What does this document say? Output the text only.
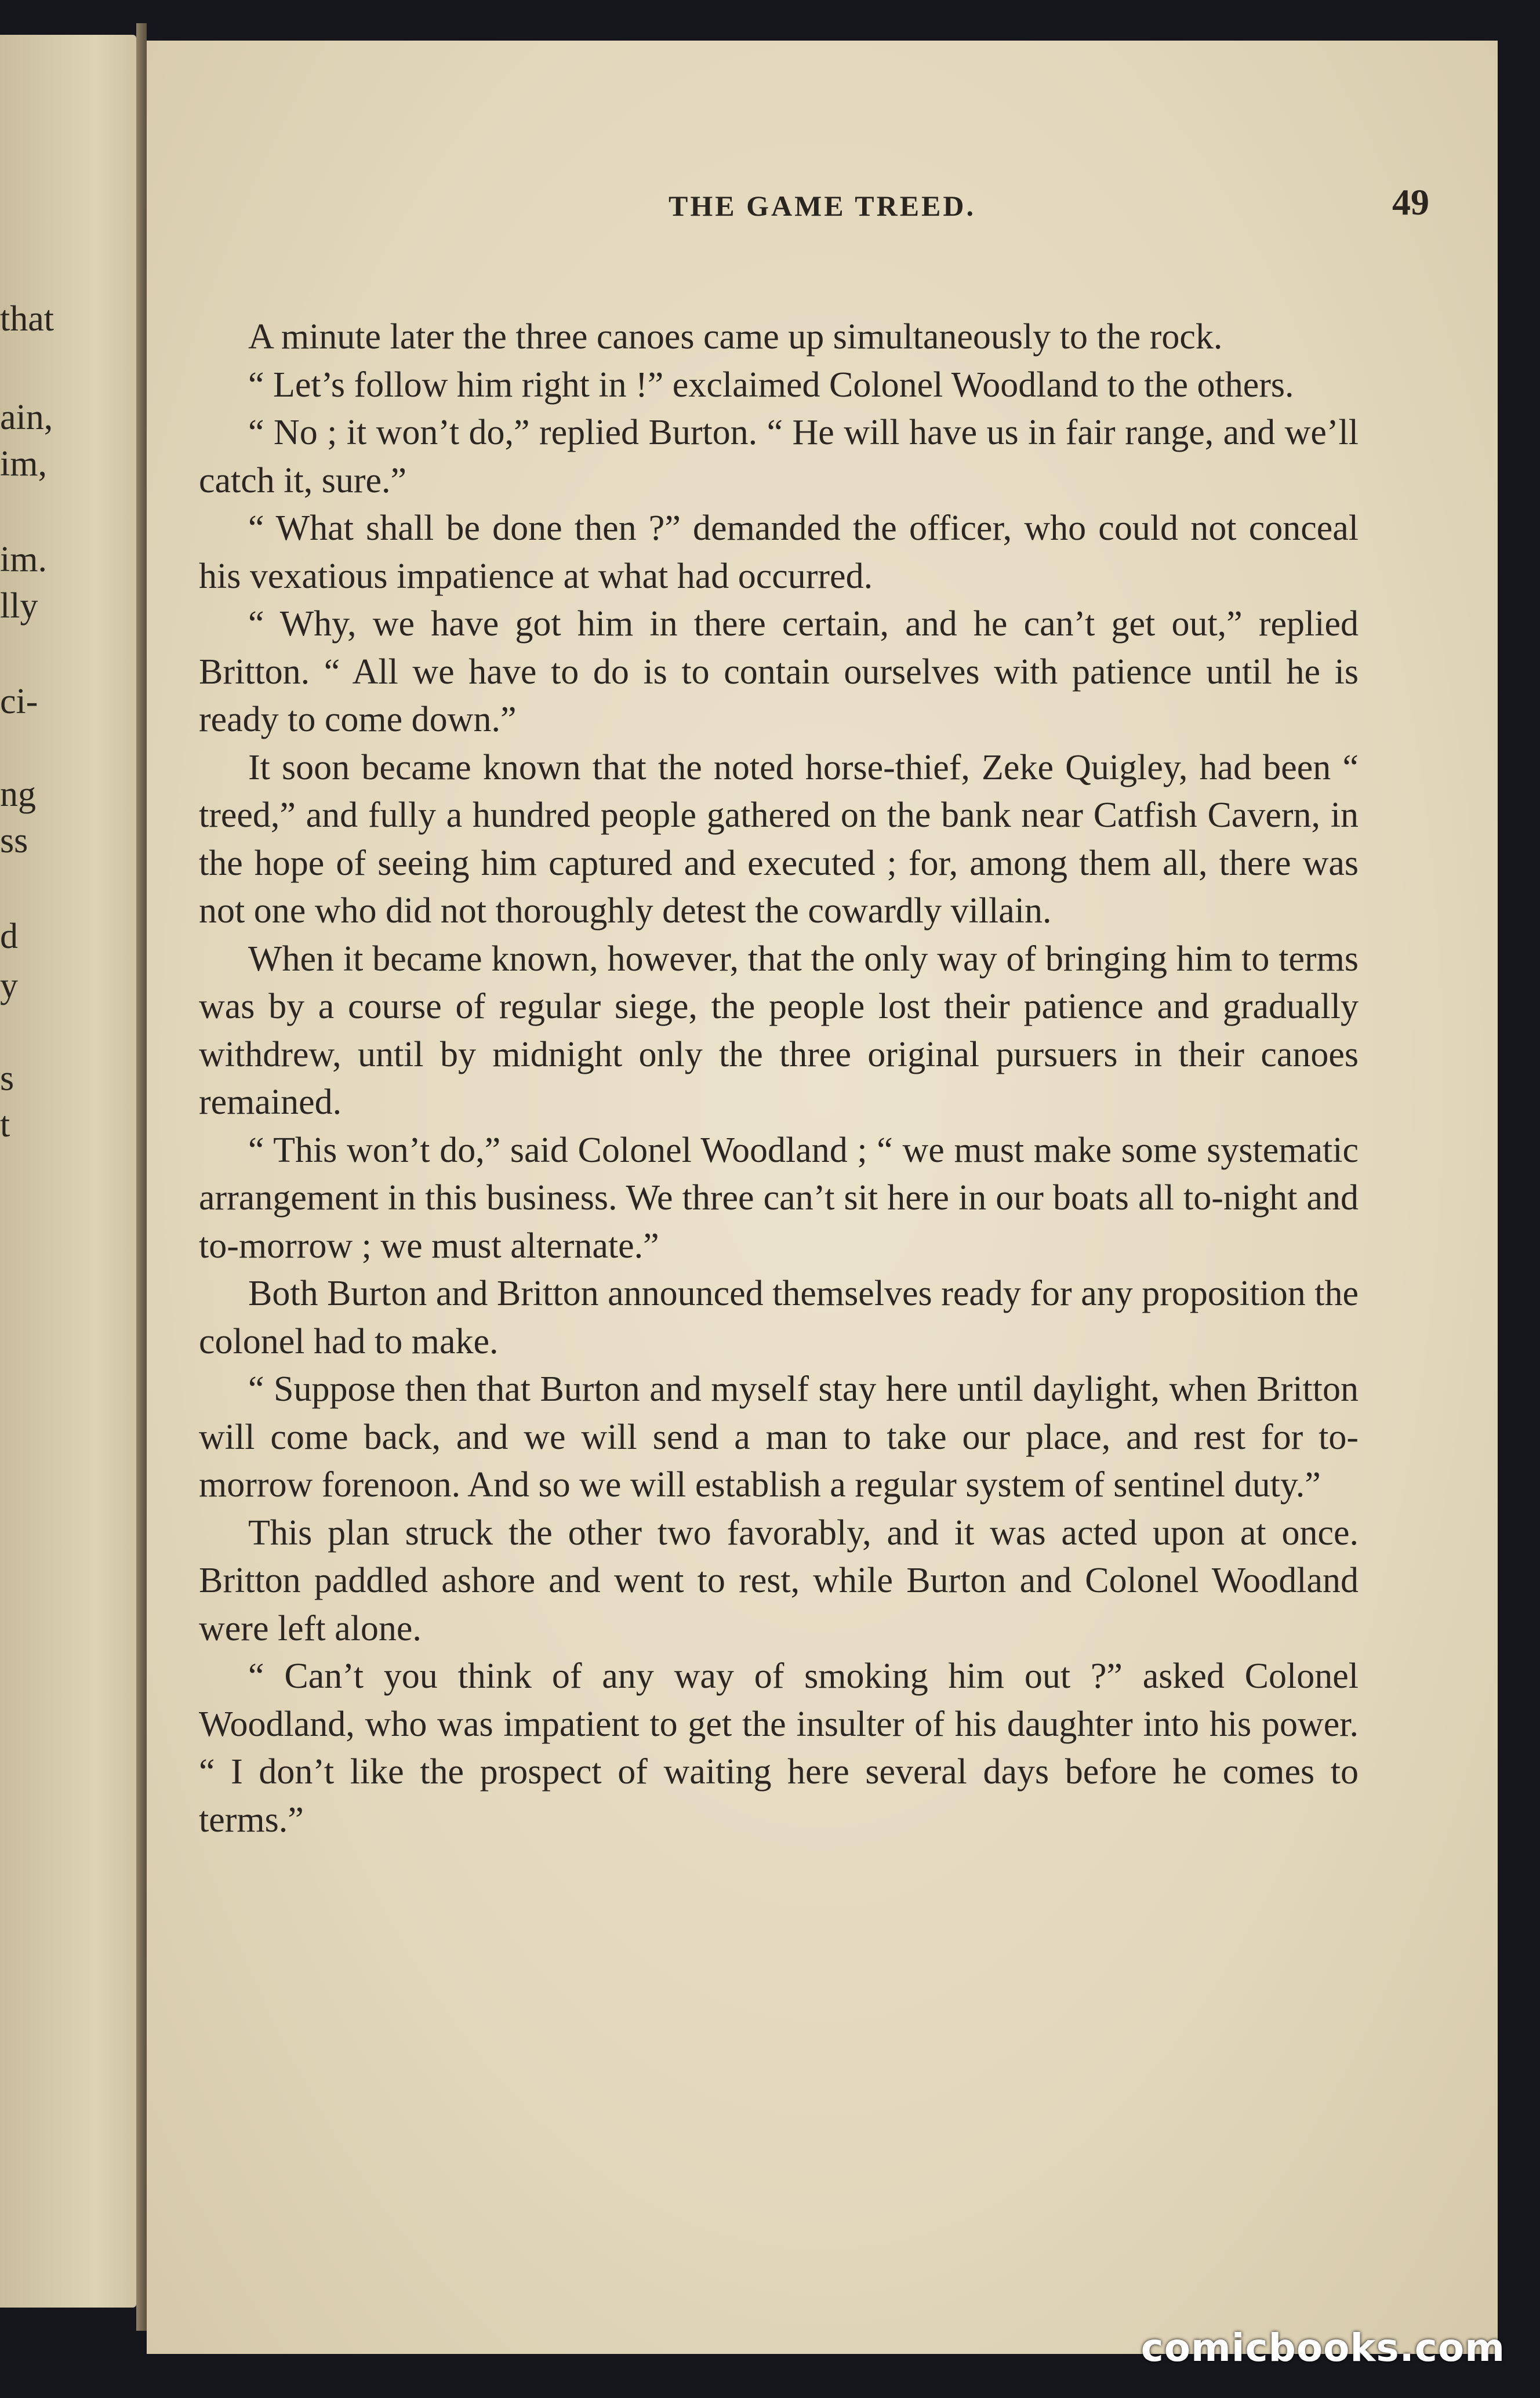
that
ain,
im,
im.
lly
ci-
ng
ss
d
y
s
t
THE GAME TREED.	49

A minute later the three canoes came up simultaneously to the rock.

“ Let’s follow him right in !” exclaimed Colonel Woodland to the others.

“ No ; it won’t do,” replied Burton. “ He will have us in fair range, and we’ll catch it, sure.”

“ What shall be done then ?” demanded the officer, who could not conceal his vexatious impatience at what had occurred.

“ Why, we have got him in there certain, and he can’t get out,” replied Britton. “ All we have to do is to contain ourselves with patience until he is ready to come down.”

It soon became known that the noted horse-thief, Zeke Quigley, had been “ treed,” and fully a hundred people gathered on the bank near Catfish Cavern, in the hope of seeing him captured and executed ; for, among them all, there was not one who did not thoroughly detest the cowardly villain.

When it became known, however, that the only way of bringing him to terms was by a course of regular siege, the people lost their patience and gradually withdrew, until by midnight only the three original pursuers in their canoes remained.

“ This won’t do,” said Colonel Woodland ; “ we must make some systematic arrangement in this business. We three can’t sit here in our boats all to-night and to-morrow ; we must alternate.”

Both Burton and Britton announced themselves ready for any proposition the colonel had to make.

“ Suppose then that Burton and myself stay here until daylight, when Britton will come back, and we will send a man to take our place, and rest for to-morrow forenoon. And so we will establish a regular system of sentinel duty.”

This plan struck the other two favorably, and it was acted upon at once. Britton paddled ashore and went to rest, while Burton and Colonel Woodland were left alone.

“ Can’t you think of any way of smoking him out ?” asked Colonel Woodland, who was impatient to get the insulter of his daughter into his power. “ I don’t like the prospect of waiting here several days before he comes to terms.”

comicbooks.com
